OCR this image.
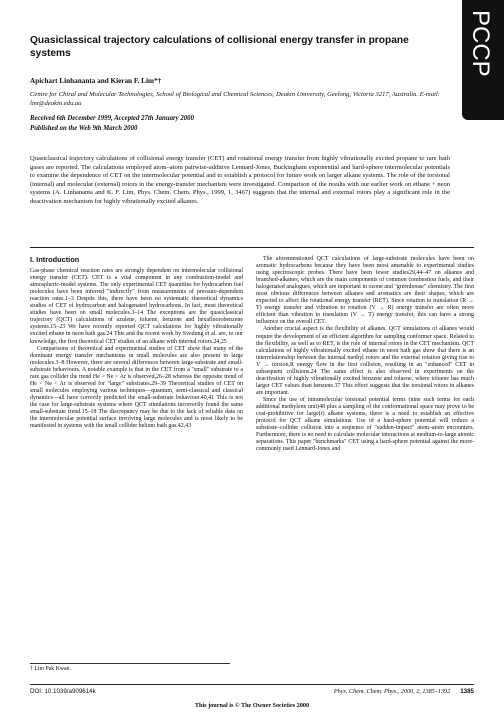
PCCP
Quasiclassical trajectory calculations of collisional energy transfer in propane systems
Apichart Linhananta and Kieran F. Lim*†
Centre for Chiral and Molecular Technologies, School of Biological and Chemical Sciences, Deakin University, Geelong, Victoria 3217, Australia. E-mail: lim@deakin.edu.au
Received 6th December 1999, Accepted 27th January 2000
Published on the Web 9th March 2000
Quasiclassical trajectory calculations of collisional energy transfer (CET) and rotational energy transfer from highly vibrationally excited propane to rare bath gases are reported. The calculations employed atom–atom pairwise-additive Lennard-Jones, Buckingham exponential and hard-sphere intermolecular potentials to examine the dependence of CET on the intermolecular potential and to establish a protocol for future work on larger alkane systems. The role of the torsional (internal) and molecular (external) rotors in the energy-transfer mechanism were investigated. Comparison of the results with our earlier work on ethane + neon systems (A. Linhananta and K. F. Lim, Phys. Chem. Chem. Phys., 1999, 1, 3467) suggests that the internal and external rotors play a significant role in the deactivation mechanism for highly vibrationally excited alkanes.
I. Introduction

Gas-phase chemical reaction rates are strongly dependent on intermolecular collisional energy transfer (CET). CET is a vital component in any combustion-model and atmospheric-model systems. The only experimental CET quantities for hydrocarbon fuel molecules have been inferred "indirectly" from measurements of pressure-dependent reaction rates.1–3 Despite this, there have been no systematic theoretical dynamics studies of CET of hydrocarbon and halogenated hydrocarbons. In fact, most theoretical studies have been on small molecules.3–14 The exceptions are the quasiclassical trajectory (QCT) calculations of azulene, toluene, benzene and hexafluorobenzene systems.15–23 We have recently reported QCT calculations for highly vibrationally excited ethane in neon bath gas.24 This and the recent work by Svedung et al. are, to our knowledge, the first theoretical CET studies of an alkane with internal rotors.24,25

Comparisons of theoretical and experimental studies of CET show that many of the dominant energy transfer mechanisms in small molecules are also present in large molecules.3–8 However, there are several differences between large-substrate and small-substrate behaviours. A notable example is that in the CET from a "small" substrate to a rare gas collider the trend He > Ne > Ar is observed,26–28 whereas the opposite trend of He < Ne < Ar is observed for "large" substrates.29–39 Theoretical studies of CET on small molecules employing various techniques—quantum, semi-classical and classical dynamics—all have correctly predicted the small-substrate behaviour.40,41 This is not the case for large-substrate systems where QCT simulations incorrectly found the same small-substrate trend.15–18 The discrepancy may be due to the lack of reliable data on the intermolecular potential surface involving large molecules and is most likely to be manifested in systems with the small collider helium bath gas.42,43

The aforementioned QCT calculations of large-substrate molecules have been on aromatic hydrocarbons because they have been most amenable to experimental studies using spectroscopic probes. There have been fewer studies29,44–47 on alkanes and branched-alkanes, which are the main components of common combustion fuels, and their halogenated analogues, which are important in ozone and "greenhouse" chemistry. The first most obvious differences between alkanes and aromatics are their shapes, which are expected to affect the rotational energy transfer (RET). Since rotation to translation (R → T) energy transfer and vibration to rotation (V → R) energy transfer are often more efficient than vibration to translation (V → T) energy transfer, this can have a strong influence on the overall CET.

Another crucial aspect is the flexibility of alkanes. QCT simulations of alkanes would require the development of an efficient algorithm for sampling conformer space. Related to the flexibility, as well as to RET, is the role of internal rotors in the CET mechanism. QCT calculations of highly vibrationally excited ethane in neon bath gas show that there is an interrelationship between the internal methyl rotors and the external rotation giving rise to V → torsion,R energy flow in the first collision, resulting in an "enhanced" CET in subsequent collisions.24 The same effect is also observed in experiments on the deactivation of highly vibrationally excited benzene and toluene, where toluene has much larger CET values than benzene.37 This effect suggests that the torsional rotors in alkanes are important.

Since the use of intramolecular torsional potential terms (nine such terms for each additional methylene unit)48 plus a sampling of the conformational space may prove to be cost-prohibitive for large(r) alkane systems, there is a need to establish an effective protocol for QCT alkane simulations. Use of a hard-sphere potential will reduce a substrate–collider collision into a sequence of "sudden-impact" atom–atom encounters. Furthermore, there is no need to calculate molecular interactions at medium-to-large atomic separations. This paper "benchmarks" CET using a hard-sphere potential against the more-commonly used Lennard-Jones and

† Lim Pak Kwan.
DOI: 10.1039/a909614k	Phys. Chem. Chem. Phys., 2000, 2, 1385–1392 1385
This journal is © The Owner Societies 2000
